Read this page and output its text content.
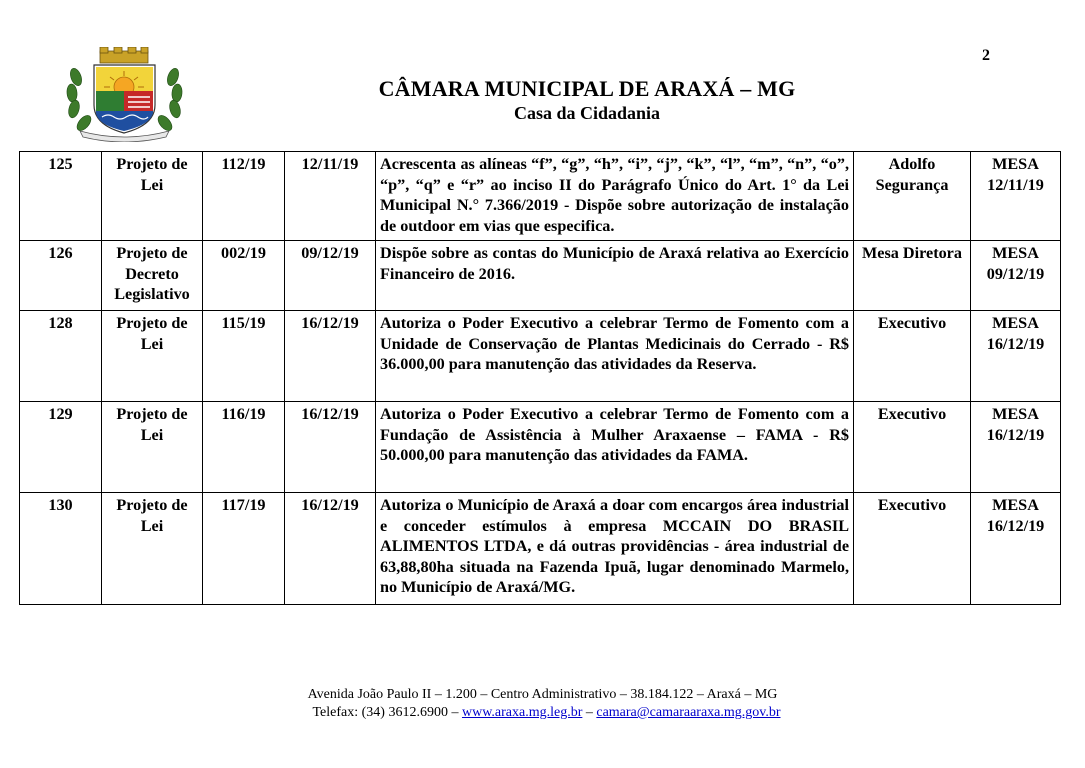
2
CÂMARA MUNICIPAL DE ARAXÁ – MG
Casa da Cidadania
125	Projeto de Lei	112/19	12/11/19	Acrescenta as alíneas “f”, “g”, “h”, “i”, “j”, “k”, “l”, “m”, “n”, “o”, “p”, “q” e “r” ao inciso II do Parágrafo Único do Art. 1° da Lei Municipal N.° 7.366/2019 - Dispõe sobre autorização de instalação de outdoor em vias que especifica.	Adolfo Segurança	MESA 12/11/19
126	Projeto de Decreto Legislativo	002/19	09/12/19	Dispõe sobre as contas do Município de Araxá relativa ao Exercício Financeiro de 2016.	Mesa Diretora	MESA 09/12/19
128	Projeto de Lei	115/19	16/12/19	Autoriza o Poder Executivo a celebrar Termo de Fomento com a Unidade de Conservação de Plantas Medicinais do Cerrado - R$ 36.000,00 para manutenção das atividades da Reserva.	Executivo	MESA 16/12/19
129	Projeto de Lei	116/19	16/12/19	Autoriza o Poder Executivo a celebrar Termo de Fomento com a Fundação de Assistência à Mulher Araxaense – FAMA - R$ 50.000,00 para manutenção das atividades da FAMA.	Executivo	MESA 16/12/19
130	Projeto de Lei	117/19	16/12/19	Autoriza o Município de Araxá a doar com encargos área industrial e conceder estímulos à empresa MCCAIN DO BRASIL ALIMENTOS LTDA, e dá outras providências - área industrial de 63,88,80ha situada na Fazenda Ipuã, lugar denominado Marmelo, no Município de Araxá/MG.	Executivo	MESA 16/12/19
Avenida João Paulo II – 1.200 – Centro Administrativo – 38.184.122 – Araxá – MG
Telefax: (34) 3612.6900 – www.araxa.mg.leg.br – camara@camaraaraxa.mg.gov.br
